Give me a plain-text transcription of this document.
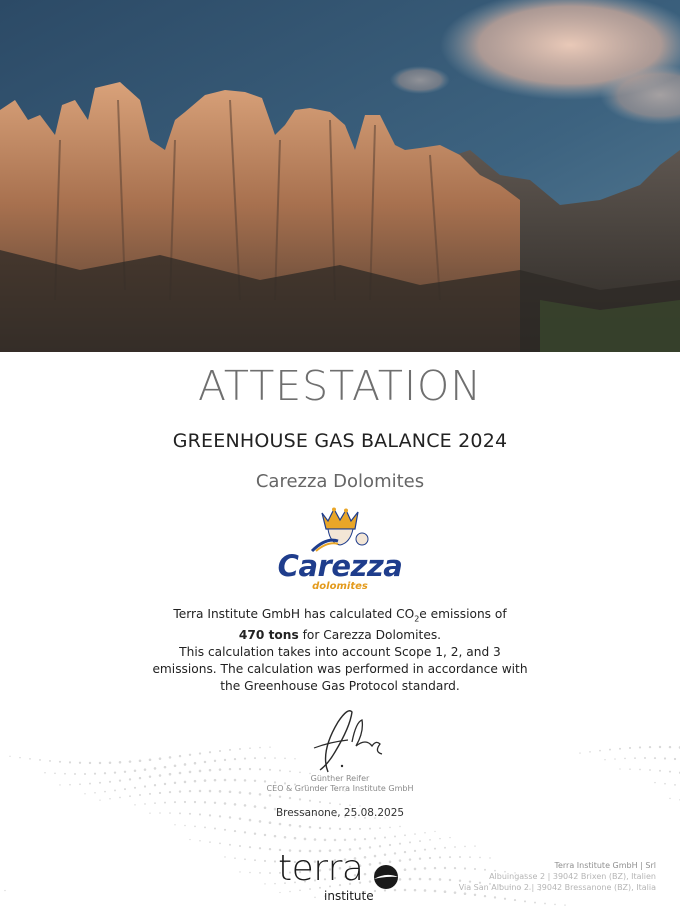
ATTESTATION
GREENHOUSE GAS BALANCE 2024
Carezza Dolomites
Carezza
dolomites
Terra Institute GmbH has calculated $CO_2e$ emissions of
470 tons for Carezza Dolomites.
This calculation takes into account Scope 1, 2, and 3 emissions. The calculation was performed in accordance with the Greenhouse Gas Protocol standard.
Günther Reifer
CEO & Gründer Terra Institute GmbH
Bressanone, 25.08.2025
terra
institute
Terra Institute GmbH | Srl
Albuingasse 2 | 39042 Brixen (BZ), Italien
Via San Albuino 2 | 39042 Bressanone (BZ), Italia
